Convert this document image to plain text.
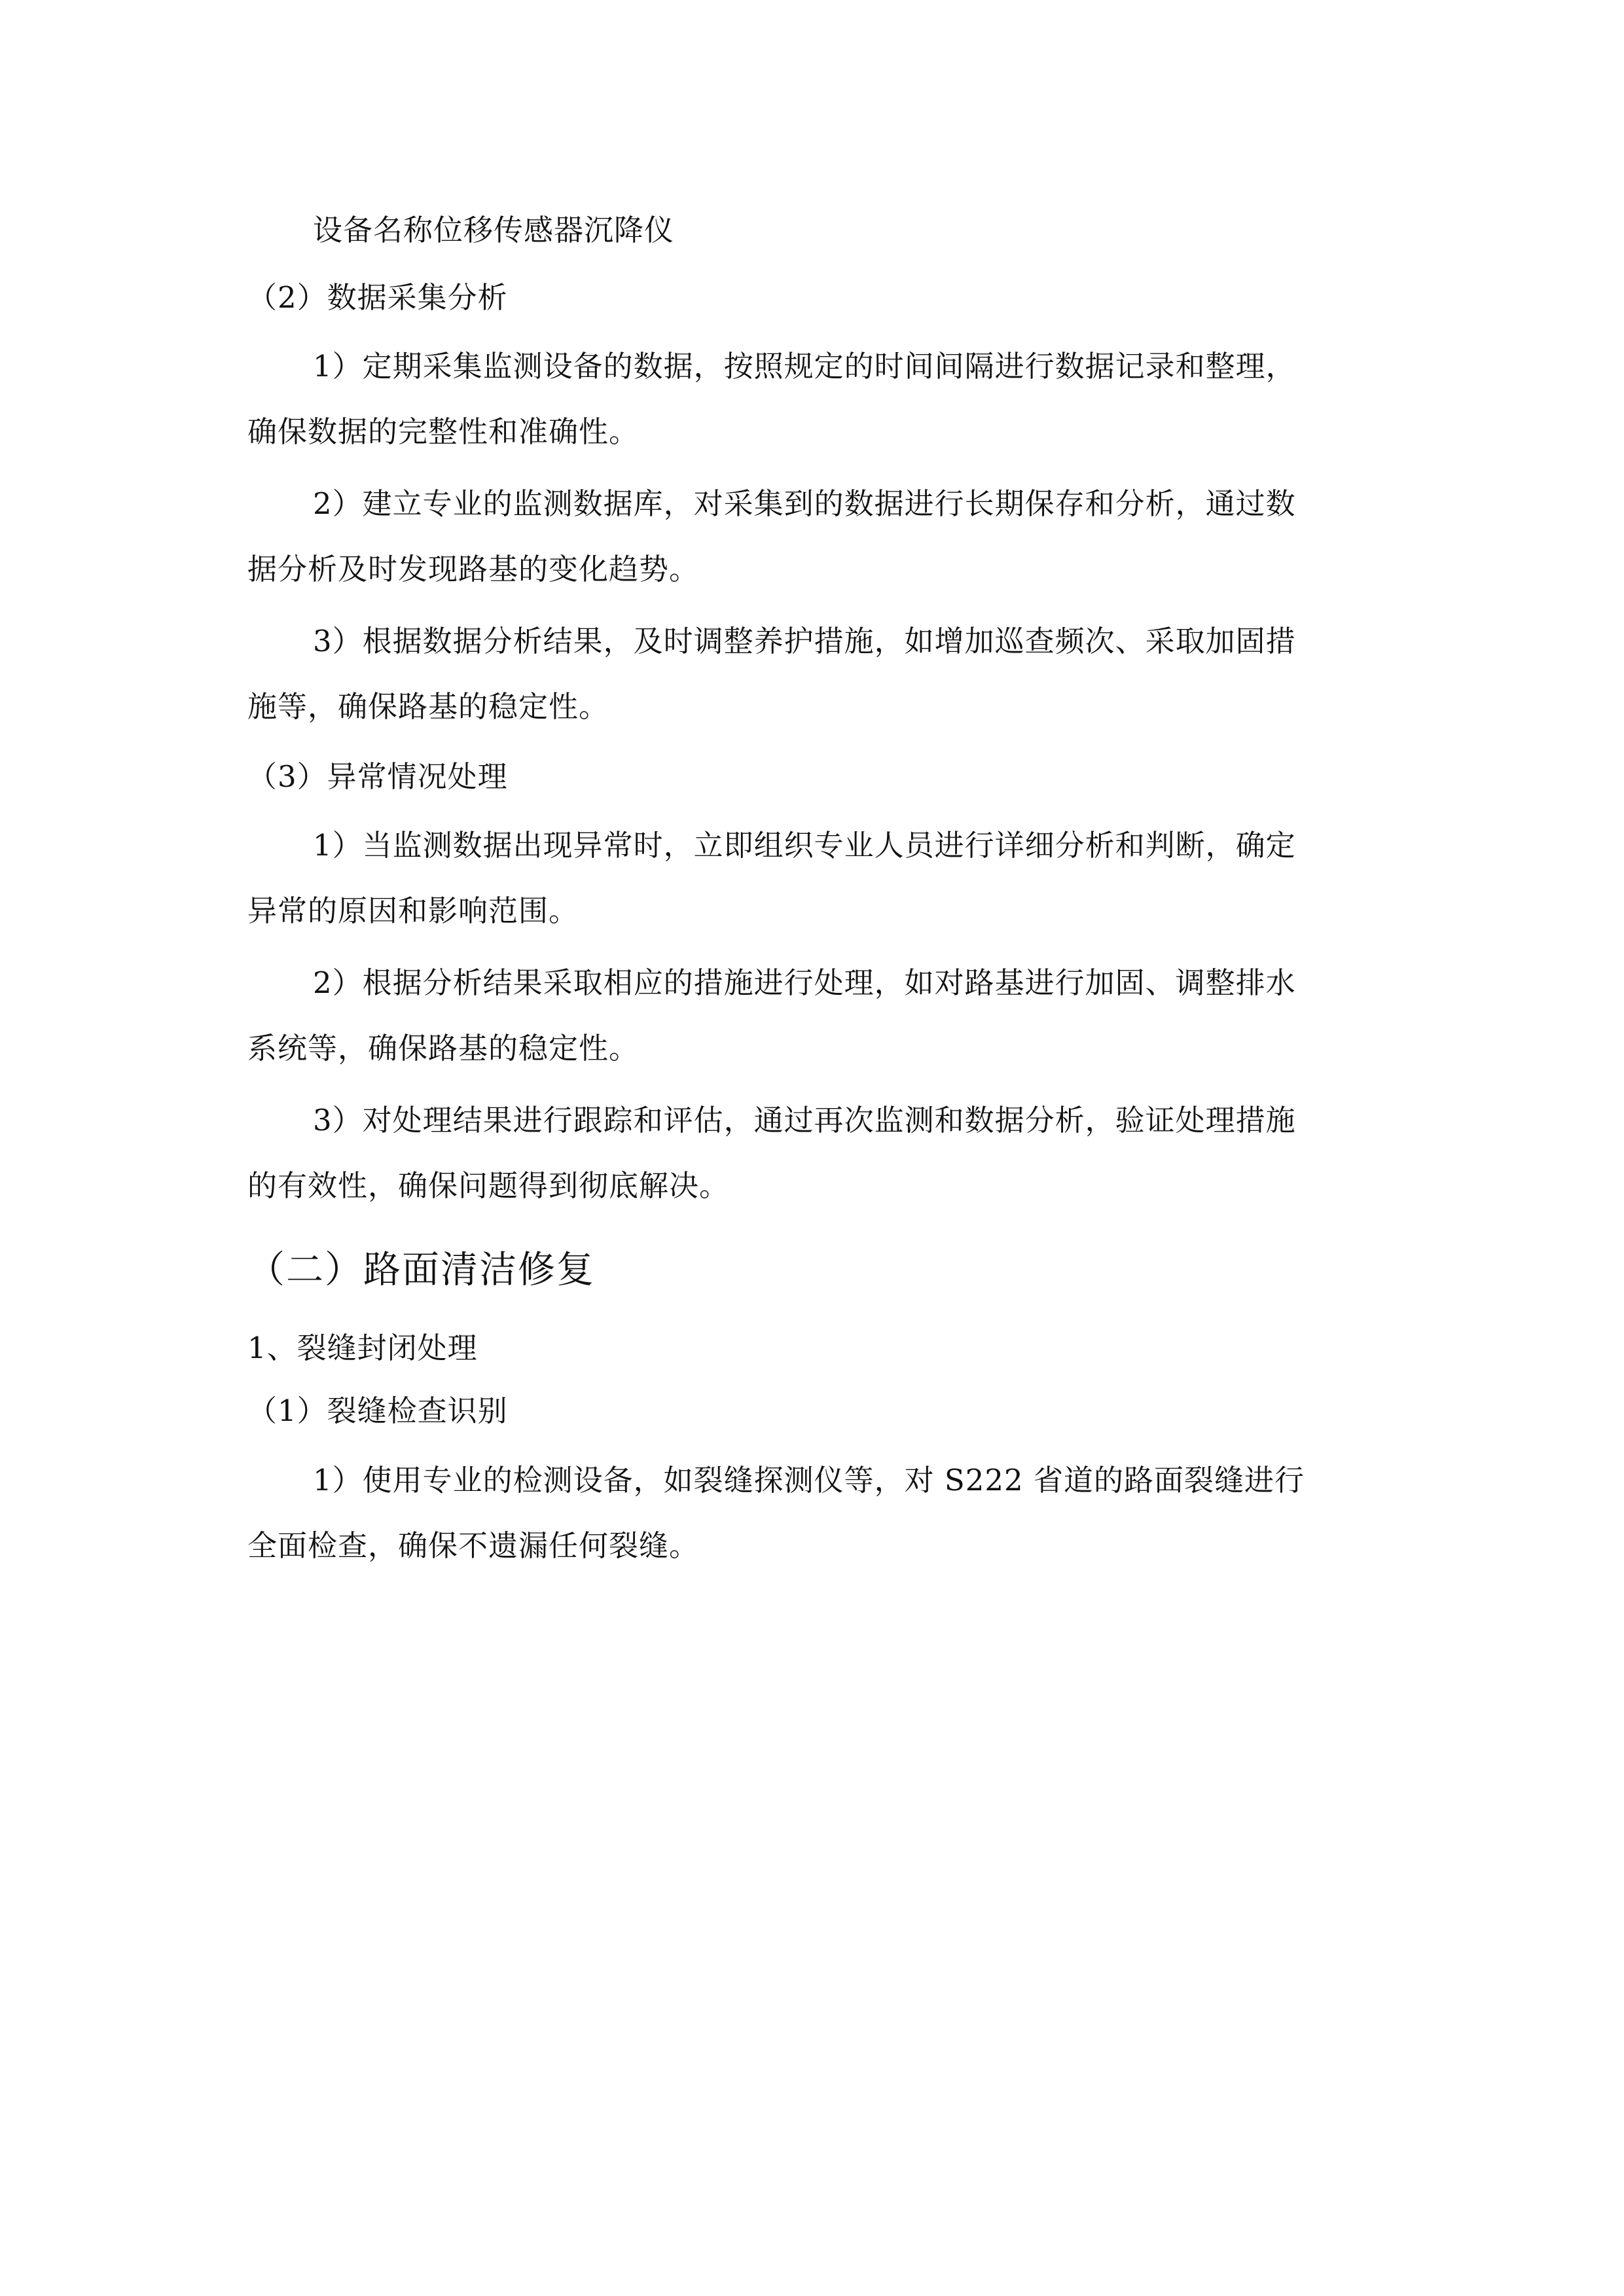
设备名称位移传感器沉降仪

（2）数据采集分析

1）定期采集监测设备的数据，按照规定的时间间隔进行数据记录和整理，

确保数据的完整性和准确性。

2）建立专业的监测数据库，对采集到的数据进行长期保存和分析，通过数

据分析及时发现路基的变化趋势。

3）根据数据分析结果，及时调整养护措施，如增加巡查频次、采取加固措

施等，确保路基的稳定性。

（3）异常情况处理

1）当监测数据出现异常时，立即组织专业人员进行详细分析和判断，确定

异常的原因和影响范围。

2）根据分析结果采取相应的措施进行处理，如对路基进行加固、调整排水

系统等，确保路基的稳定性。

3）对处理结果进行跟踪和评估，通过再次监测和数据分析，验证处理措施

的有效性，确保问题得到彻底解决。

（二）路面清洁修复

1、裂缝封闭处理

（1）裂缝检查识别

1）使用专业的检测设备，如裂缝探测仪等，对 S222 省道的路面裂缝进行

全面检查，确保不遗漏任何裂缝。
